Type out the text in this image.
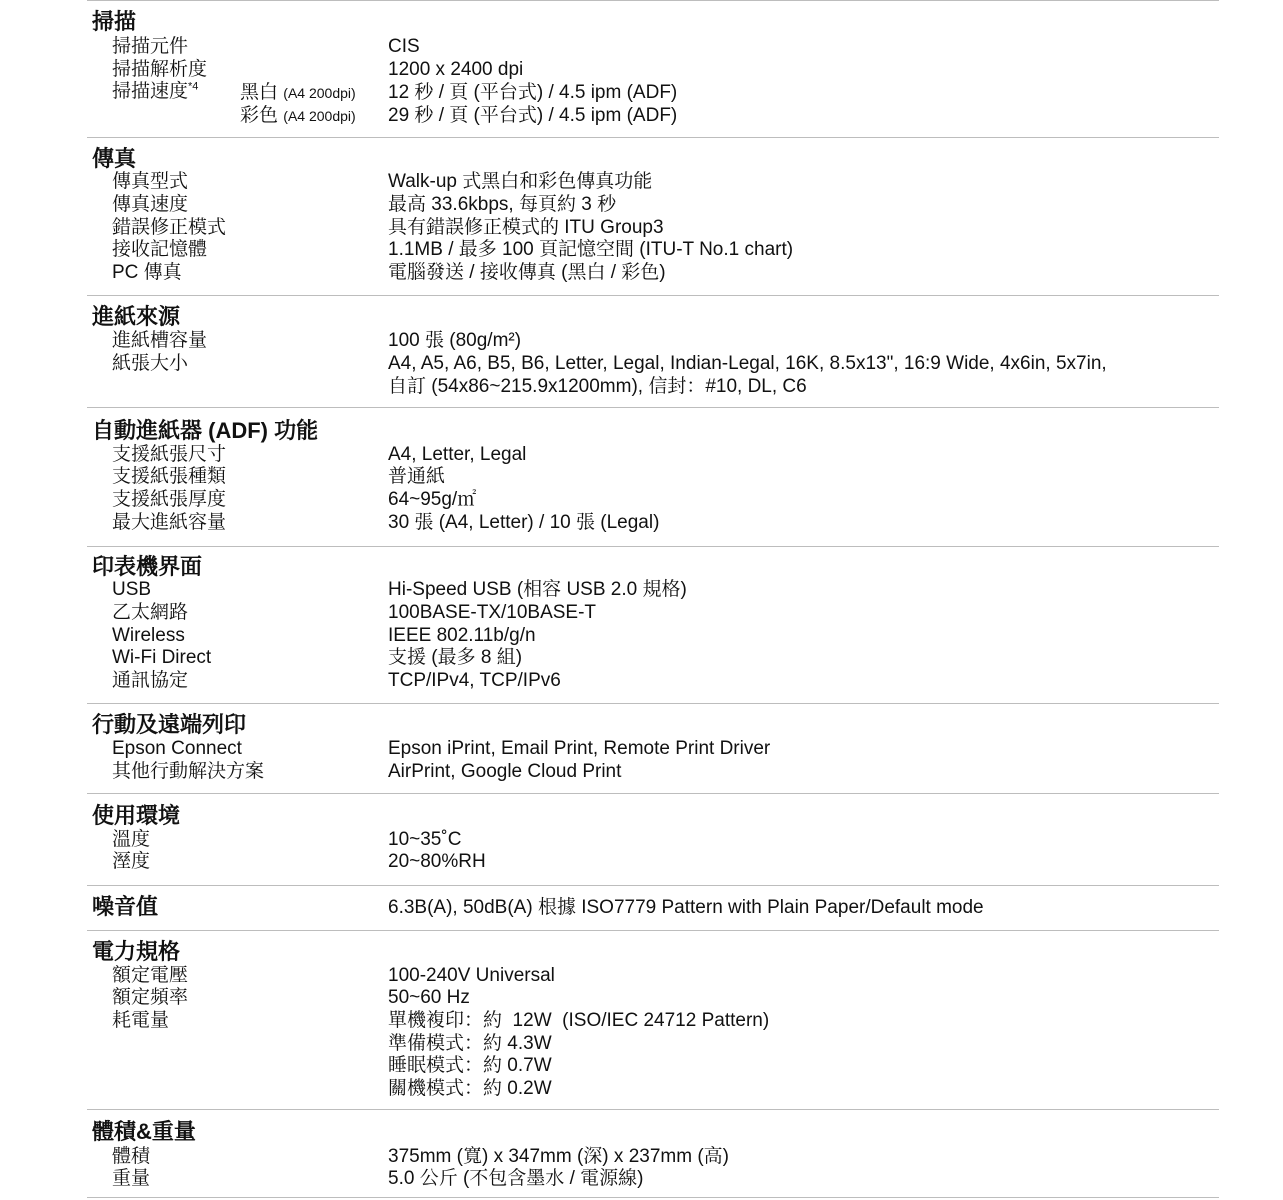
掃描
掃描元件	CIS
掃描解析度	1200 x 2400 dpi
掃描速度$^{*4}$ 黑白 (A4 200dpi) 12 秒 / 頁 (平台式) / 4.5 ipm (ADF)
彩色 (A4 200dpi) 29 秒 / 頁 (平台式) / 4.5 ipm (ADF)
傳真
傳真型式	Walk-up 式黑白和彩色傳真功能
傳真速度	最高 33.6kbps, 每頁約 3 秒
錯誤修正模式	具有錯誤修正模式的 ITU Group3
接收記憶體	1.1MB / 最多 100 頁記憶空間 (ITU-T No.1 chart)
PC 傳真	電腦發送 / 接收傳真 (黑白 / 彩色)
進紙來源
進紙槽容量	100 張 (80g/m²)
紙張大小	A4, A5, A6, B5, B6, Letter, Legal, Indian-Legal, 16K, 8.5x13", 16:9 Wide, 4x6in, 5x7in,
自訂 (54x86~215.9x1200mm), 信封：#10, DL, C6
自動進紙器 (ADF) 功能
支援紙張尺寸	A4, Letter, Legal
支援紙張種類	普通紙
支援紙張厚度	64~95g/㎡
最大進紙容量	30 張 (A4, Letter) / 10 張 (Legal)
印表機界面
USB	Hi-Speed USB (相容 USB 2.0 規格)
乙太網路	100BASE-TX/10BASE-T
Wireless	IEEE 802.11b/g/n
Wi-Fi Direct	支援 (最多 8 組)
通訊協定	TCP/IPv4, TCP/IPv6
行動及遠端列印
Epson Connect	Epson iPrint, Email Print, Remote Print Driver
其他行動解決方案	AirPrint, Google Cloud Print
使用環境
溫度	10~35˚C
溼度	20~80%RH
噪音值	6.3B(A), 50dB(A) 根據 ISO7779 Pattern with Plain Paper/Default mode
電力規格
額定電壓	100-240V Universal
額定頻率	50~60 Hz
耗電量	單機複印：約  12W  (ISO/IEC 24712 Pattern)
準備模式：約 4.3W
睡眠模式：約 0.7W
關機模式：約 0.2W
體積&重量
體積	375mm (寬) x 347mm (深) x 237mm (高)
重量	5.0 公斤 (不包含墨水 / 電源線)
